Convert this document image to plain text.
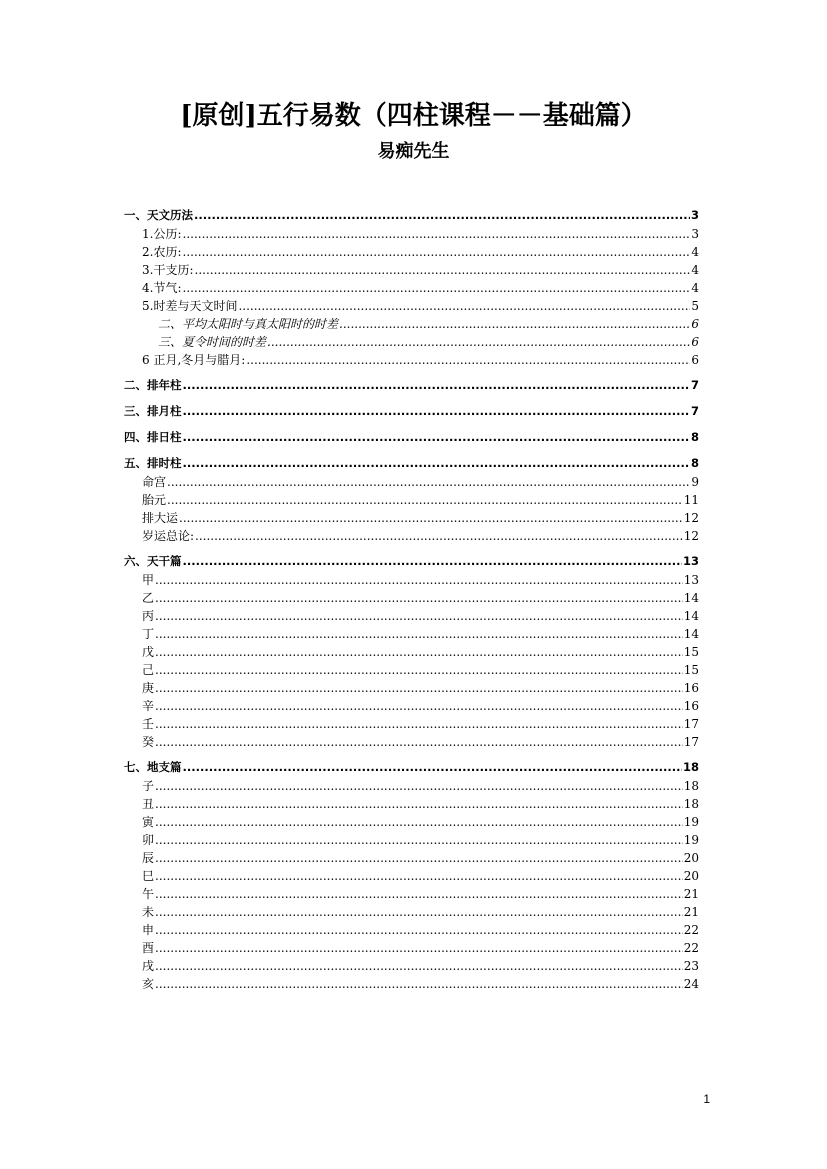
[原创]五行易数（四柱课程－－基础篇）
易痴先生
一、天文历法 .....	3
1.公历: .....	3
2.农历: .....	4
3.干支历: .....	4
4.节气: .....	4
5.时差与天文时间 .....	5
二、平均太阳时与真太阳时的时差 .....	6
三、夏令时间的时差 .....	6
6 正月,冬月与腊月: .....	6
二、排年柱 .....	7
三、排月柱 .....	7
四、排日柱 .....	8
五、排时柱 .....	8
命宫 .....	9
胎元 .....	11
排大运 .....	12
岁运总论: .....	12
六、天干篇 .....	13
甲 .....	13
乙 .....	14
丙 .....	14
丁 .....	14
戊 .....	15
己 .....	15
庚 .....	16
辛 .....	16
壬 .....	17
癸 .....	17
七、地支篇 .....	18
子 .....	18
丑 .....	18
寅 .....	19
卯 .....	19
辰 .....	20
巳 .....	20
午 .....	21
未 .....	21
申 .....	22
酉 .....	22
戌 .....	23
亥 .....	24
1
